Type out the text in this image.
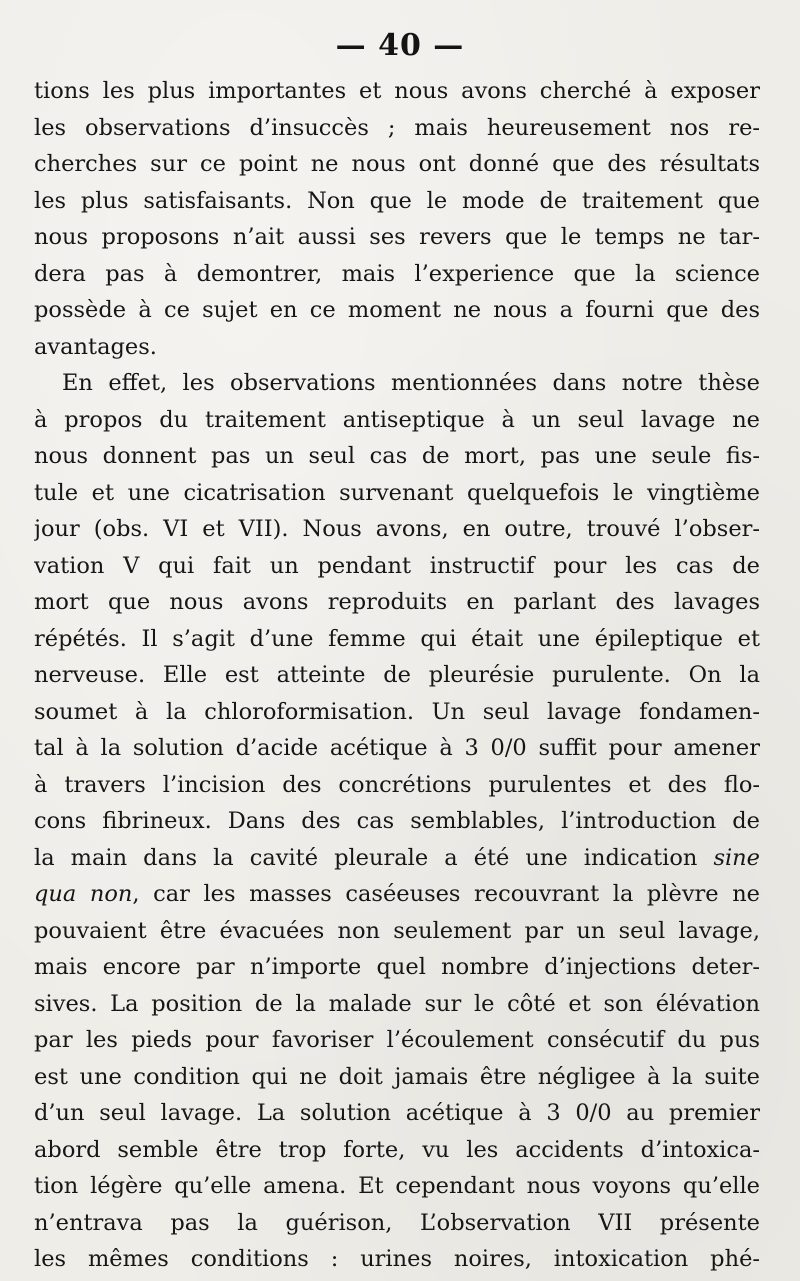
— 40 —
tions les plus importantes et nous avons cherché à exposer
les observations d’insuccès ; mais heureusement nos re-
cherches sur ce point ne nous ont donné que des résultats
les plus satisfaisants. Non que le mode de traitement que
nous proposons n’ait aussi ses revers que le temps ne tar-
dera pas à demontrer, mais l’experience que la science
possède à ce sujet en ce moment ne nous a fourni que des
avantages.
En effet, les observations mentionnées dans notre thèse
à propos du traitement antiseptique à un seul lavage ne
nous donnent pas un seul cas de mort, pas une seule fis-
tule et une cicatrisation survenant quelquefois le vingtième
jour (obs. VI et VII). Nous avons, en outre, trouvé l’obser-
vation V qui fait un pendant instructif pour les cas de
mort que nous avons reproduits en parlant des lavages
répétés. Il s’agit d’une femme qui était une épileptique et
nerveuse. Elle est atteinte de pleurésie purulente. On la
soumet à la chloroformisation. Un seul lavage fondamen-
tal à la solution d’acide acétique à 3 0/0 suffit pour amener
à travers l’incision des concrétions purulentes et des flo-
cons fibrineux. Dans des cas semblables, l’introduction de
la main dans la cavité pleurale a été une indication sine
qua non, car les masses caséeuses recouvrant la plèvre ne
pouvaient être évacuées non seulement par un seul lavage,
mais encore par n’importe quel nombre d’injections deter-
sives. La position de la malade sur le côté et son élévation
par les pieds pour favoriser l’écoulement consécutif du pus
est une condition qui ne doit jamais être négligee à la suite
d’un seul lavage. La solution acétique à 3 0/0 au premier
abord semble être trop forte, vu les accidents d’intoxica-
tion légère qu’elle amena. Et cependant nous voyons qu’elle
n’entrava pas la guérison, L’observation VII présente
les mêmes conditions : urines noires, intoxication phé-
